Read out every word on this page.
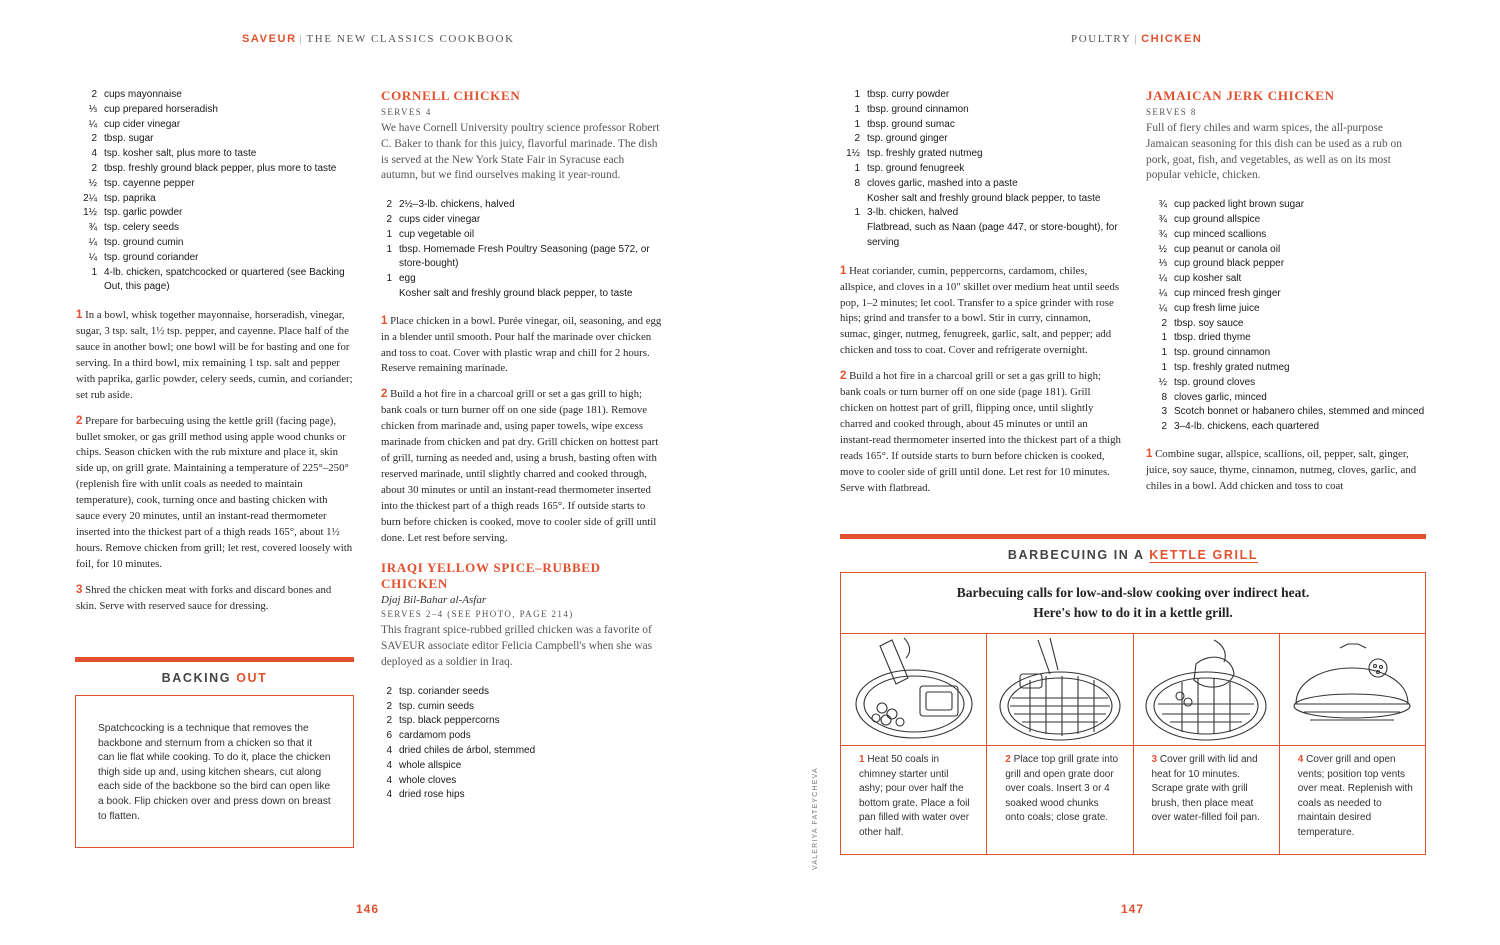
SAVEUR | THE NEW CLASSICS COOKBOOK
2 cups mayonnaise
⅓ cup prepared horseradish
¼ cup cider vinegar
2 tbsp. sugar
4 tsp. kosher salt, plus more to taste
2 tbsp. freshly ground black pepper, plus more to taste
½ tsp. cayenne pepper
2¼ tsp. paprika
1½ tsp. garlic powder
¾ tsp. celery seeds
¼ tsp. ground cumin
¼ tsp. ground coriander
1 4-lb. chicken, spatchcocked or quartered (see Backing Out, this page)
1 In a bowl, whisk together mayonnaise, horseradish, vinegar, sugar, 3 tsp. salt, 1½ tsp. pepper, and cayenne. Place half of the sauce in another bowl; one bowl will be for basting and one for serving. In a third bowl, mix remaining 1 tsp. salt and pepper with paprika, garlic powder, celery seeds, cumin, and coriander; set rub aside.
2 Prepare for barbecuing using the kettle grill (facing page), bullet smoker, or gas grill method using apple wood chunks or chips. Season chicken with the rub mixture and place it, skin side up, on grill grate. Maintaining a temperature of 225°–250° (replenish fire with unlit coals as needed to maintain temperature), cook, turning once and basting chicken with sauce every 20 minutes, until an instant-read thermometer inserted into the thickest part of a thigh reads 165°, about 1½ hours. Remove chicken from grill; let rest, covered loosely with foil, for 10 minutes.
3 Shred the chicken meat with forks and discard bones and skin. Serve with reserved sauce for dressing.
BACKING OUT
Spatchcocking is a technique that removes the backbone and sternum from a chicken so that it can lie flat while cooking. To do it, place the chicken thigh side up and, using kitchen shears, cut along each side of the backbone so the bird can open like a book. Flip chicken over and press down on breast to flatten.
CORNELL CHICKEN
SERVES 4
We have Cornell University poultry science professor Robert C. Baker to thank for this juicy, flavorful marinade. The dish is served at the New York State Fair in Syracuse each autumn, but we find ourselves making it year-round.
2 2½–3-lb. chickens, halved
2 cups cider vinegar
1 cup vegetable oil
1 tbsp. Homemade Fresh Poultry Seasoning (page 572, or store-bought)
1 egg
Kosher salt and freshly ground black pepper, to taste
1 Place chicken in a bowl. Purée vinegar, oil, seasoning, and egg in a blender until smooth. Pour half the marinade over chicken and toss to coat. Cover with plastic wrap and chill for 2 hours. Reserve remaining marinade.
2 Build a hot fire in a charcoal grill or set a gas grill to high; bank coals or turn burner off on one side (page 181). Remove chicken from marinade and, using paper towels, wipe excess marinade from chicken and pat dry. Grill chicken on hottest part of grill, turning as needed and, using a brush, basting often with reserved marinade, until slightly charred and cooked through, about 30 minutes or until an instant-read thermometer inserted into the thickest part of a thigh reads 165°. If outside starts to burn before chicken is cooked, move to cooler side of grill until done. Let rest before serving.
IRAQI YELLOW SPICE–RUBBED CHICKEN
Djaj Bil-Bahar al-Asfar
SERVES 2–4 (SEE PHOTO, PAGE 214)
This fragrant spice-rubbed grilled chicken was a favorite of SAVEUR associate editor Felicia Campbell's when she was deployed as a soldier in Iraq.
2 tsp. coriander seeds
2 tsp. cumin seeds
2 tsp. black peppercorns
6 cardamom pods
4 dried chiles de árbol, stemmed
4 whole allspice
4 whole cloves
4 dried rose hips
146
POULTRY | CHICKEN
1 tbsp. curry powder
1 tbsp. ground cinnamon
1 tbsp. ground sumac
2 tsp. ground ginger
1½ tsp. freshly grated nutmeg
1 tsp. ground fenugreek
8 cloves garlic, mashed into a paste
Kosher salt and freshly ground black pepper, to taste
1 3-lb. chicken, halved
Flatbread, such as Naan (page 447, or store-bought), for serving
1 Heat coriander, cumin, peppercorns, cardamom, chiles, allspice, and cloves in a 10" skillet over medium heat until seeds pop, 1–2 minutes; let cool. Transfer to a spice grinder with rose hips; grind and transfer to a bowl. Stir in curry, cinnamon, sumac, ginger, nutmeg, fenugreek, garlic, salt, and pepper; add chicken and toss to coat. Cover and refrigerate overnight.
2 Build a hot fire in a charcoal grill or set a gas grill to high; bank coals or turn burner off on one side (page 181). Grill chicken on hottest part of grill, flipping once, until slightly charred and cooked through, about 45 minutes or until an instant-read thermometer inserted into the thickest part of a thigh reads 165°. If outside starts to burn before chicken is cooked, move to cooler side of grill until done. Let rest for 10 minutes. Serve with flatbread.
JAMAICAN JERK CHICKEN
SERVES 8
Full of fiery chiles and warm spices, the all-purpose Jamaican seasoning for this dish can be used as a rub on pork, goat, fish, and vegetables, as well as on its most popular vehicle, chicken.
¾ cup packed light brown sugar
¾ cup ground allspice
¾ cup minced scallions
½ cup peanut or canola oil
⅓ cup ground black pepper
¼ cup kosher salt
¼ cup minced fresh ginger
¼ cup fresh lime juice
2 tbsp. soy sauce
1 tbsp. dried thyme
1 tsp. ground cinnamon
1 tsp. freshly grated nutmeg
½ tsp. ground cloves
8 cloves garlic, minced
3 Scotch bonnet or habanero chiles, stemmed and minced
2 3–4-lb. chickens, each quartered
1 Combine sugar, allspice, scallions, oil, pepper, salt, ginger, juice, soy sauce, thyme, cinnamon, nutmeg, cloves, garlic, and chiles in a bowl. Add chicken and toss to coat
BARBECUING IN A KETTLE GRILL
Barbecuing calls for low-and-slow cooking over indirect heat.
Here's how to do it in a kettle grill.
1 Heat 50 coals in chimney starter until ashy; pour over half the bottom grate. Place a foil pan filled with water over other half.
2 Place top grill grate into grill and open grate door over coals. Insert 3 or 4 soaked wood chunks onto coals; close grate.
3 Cover grill with lid and heat for 10 minutes. Scrape grate with grill brush, then place meat over water-filled foil pan.
4 Cover grill and open vents; position top vents over meat. Replenish with coals as needed to maintain desired temperature.
VALERIYA FATEYCHEVA
147
